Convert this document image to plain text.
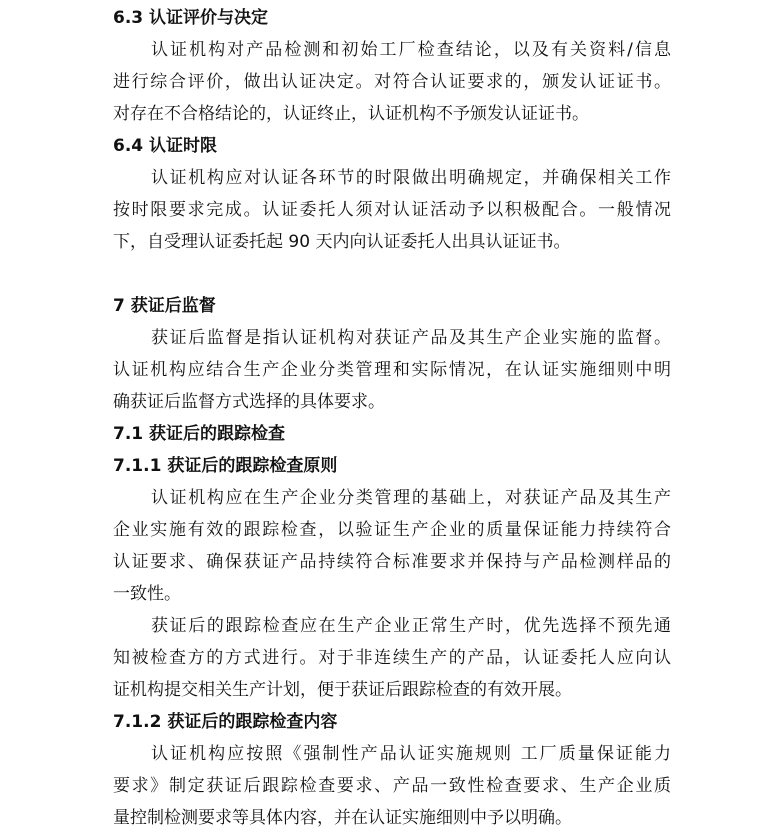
6.3 认证评价与决定
认证机构对产品检测和初始工厂检查结论，以及有关资料/信息
进行综合评价，做出认证决定。对符合认证要求的，颁发认证证书。
对存在不合格结论的，认证终止，认证机构不予颁发认证证书。
6.4 认证时限
认证机构应对认证各环节的时限做出明确规定，并确保相关工作
按时限要求完成。认证委托人须对认证活动予以积极配合。一般情况
下，自受理认证委托起 90 天内向认证委托人出具认证证书。
7 获证后监督
获证后监督是指认证机构对获证产品及其生产企业实施的监督。
认证机构应结合生产企业分类管理和实际情况，在认证实施细则中明
确获证后监督方式选择的具体要求。
7.1 获证后的跟踪检查
7.1.1 获证后的跟踪检查原则
认证机构应在生产企业分类管理的基础上，对获证产品及其生产
企业实施有效的跟踪检查，以验证生产企业的质量保证能力持续符合
认证要求、确保获证产品持续符合标准要求并保持与产品检测样品的
一致性。
获证后的跟踪检查应在生产企业正常生产时，优先选择不预先通
知被检查方的方式进行。对于非连续生产的产品，认证委托人应向认
证机构提交相关生产计划，便于获证后跟踪检查的有效开展。
7.1.2 获证后的跟踪检查内容
认证机构应按照《强制性产品认证实施规则 工厂质量保证能力
要求》制定获证后跟踪检查要求、产品一致性检查要求、生产企业质
量控制检测要求等具体内容，并在认证实施细则中予以明确。
